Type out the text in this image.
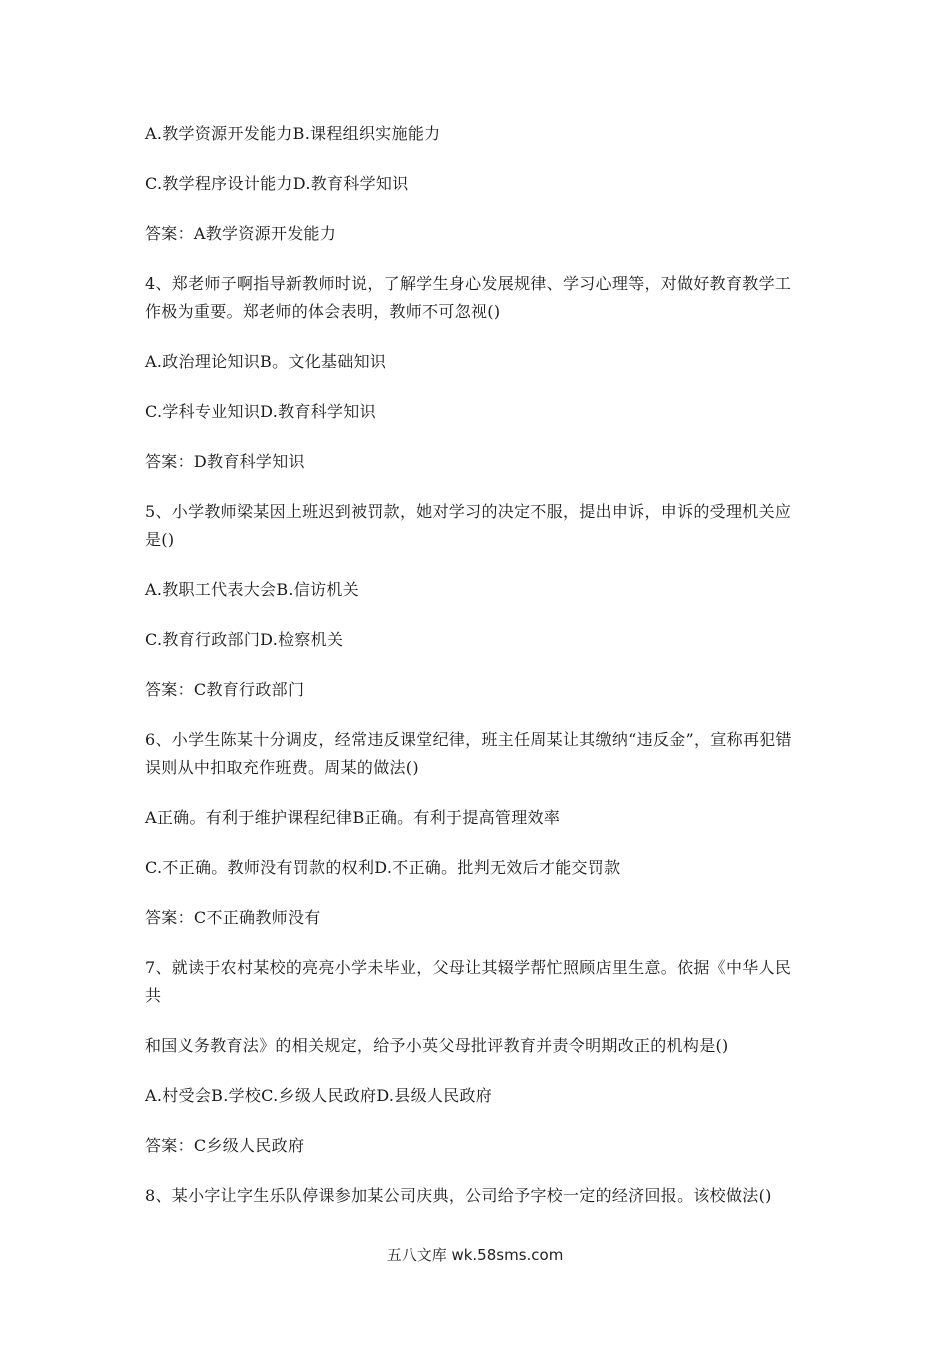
A.教学资源开发能力B.课程组织实施能力

C.教学程序设计能力D.教育科学知识

答案：A教学资源开发能力

4、郑老师子啊指导新教师时说，了解学生身心发展规律、学习心理等，对做好教育教学工作极为重要。郑老师的体会表明，教师不可忽视()

A.政治理论知识B。文化基础知识

C.学科专业知识D.教育科学知识

答案：D教育科学知识

5、小学教师梁某因上班迟到被罚款，她对学习的决定不服，提出申诉，申诉的受理机关应是()

A.教职工代表大会B.信访机关

C.教育行政部门D.检察机关

答案：C教育行政部门

6、小学生陈某十分调皮，经常违反课堂纪律，班主任周某让其缴纳“违反金”，宣称再犯错误则从中扣取充作班费。周某的做法()

A正确。有利于维护课程纪律B正确。有利于提高管理效率

C.不正确。教师没有罚款的权利D.不正确。批判无效后才能交罚款

答案：C不正确教师没有

7、就读于农村某校的亮亮小学未毕业，父母让其辍学帮忙照顾店里生意。依据《中华人民共

和国义务教育法》的相关规定，给予小英父母批评教育并责令明期改正的机构是()

A.村受会B.学校C.乡级人民政府D.县级人民政府

答案：C乡级人民政府

8、某小字让字生乐队停课参加某公司庆典，公司给予字校一定的经济回报。该校做法()

五八文库 wk.58sms.com
